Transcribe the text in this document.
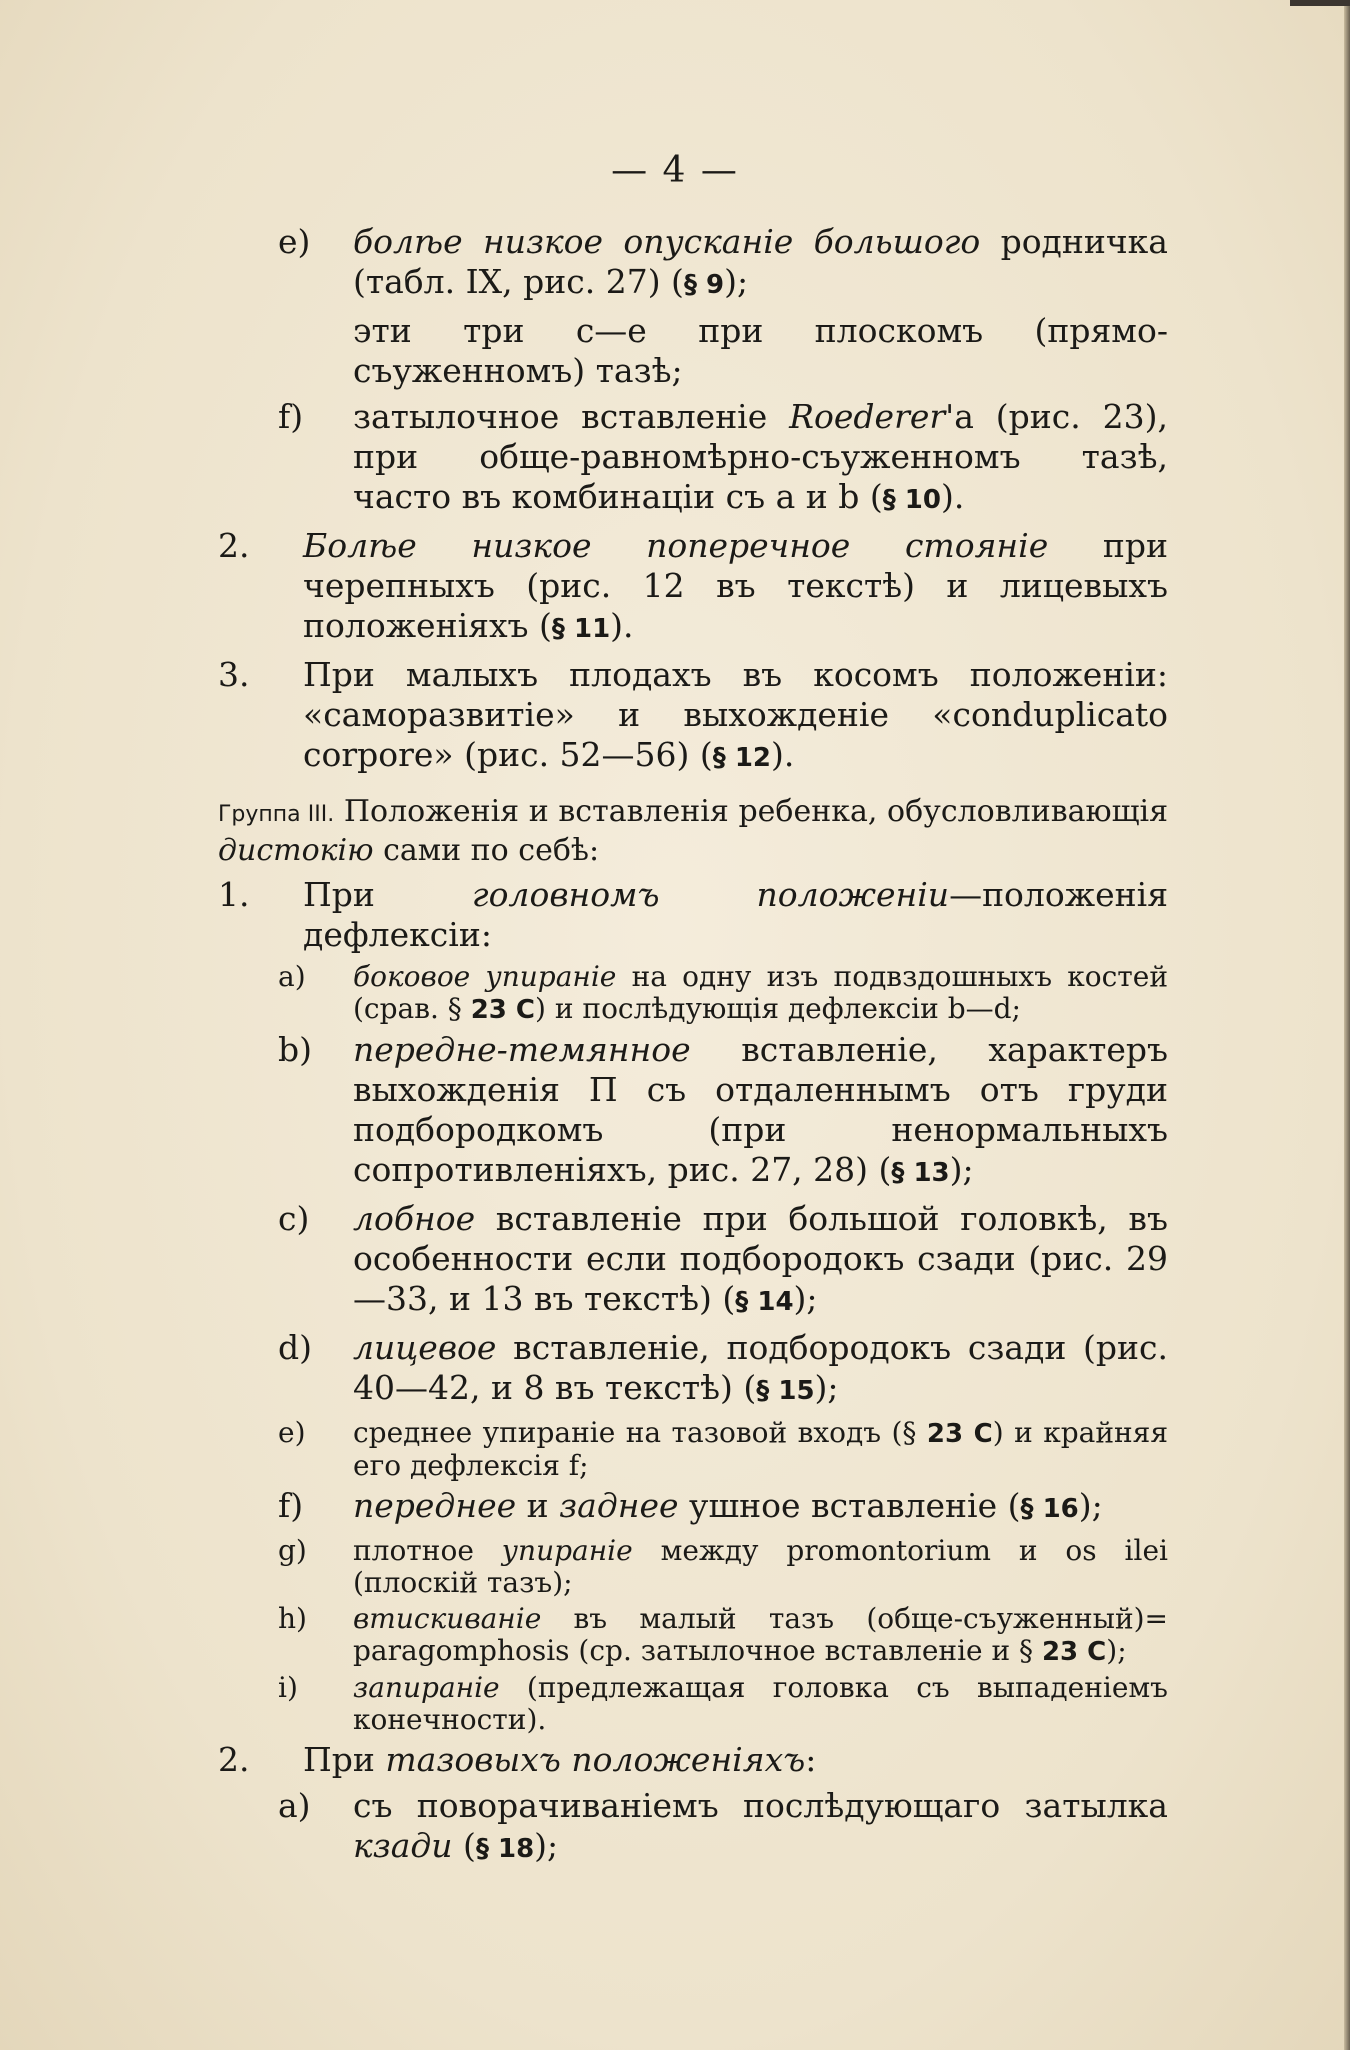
— 4 —
e)	болѣе низкое опусканіе большого родничка (табл. IX, рис. 27) (§ 9);
эти три с—е при плоскомъ (прямо-съуженномъ) тазѣ;
f)	затылочное вставленіе Roederer'а (рис. 23), при обще-равномѣрно-съуженномъ тазѣ, часто въ комбинаціи съ a и b (§ 10).
2.	Болѣе низкое поперечное стояніе при черепныхъ (рис. 12 въ текстѣ) и лицевыхъ положеніяхъ (§ 11).
3.	При малыхъ плодахъ въ косомъ положеніи: «саморазвитіе» и выхожденіе «conduplicato corpore» (рис. 52—56) (§ 12).
Группа III. Положенія и вставленія ребенка, обусловливающія дистокію сами по себѣ:
1.	При головномъ положеніи—положенія дефлексіи:
a)	боковое упираніе на одну изъ подвздошныхъ костей (срав. § 23 C) и послѣдующія дефлексіи b—d;
b)	передне-темянное вставленіе, характеръ выхожденія П съ отдаленнымъ отъ груди подбородкомъ (при ненормальныхъ сопротивленіяхъ, рис. 27, 28) (§ 13);
c)	лобное вставленіе при большой головкѣ, въ особенности если подбородокъ сзади (рис. 29—33, и 13 въ текстѣ) (§ 14);
d)	лицевое вставленіе, подбородокъ сзади (рис. 40—42, и 8 въ текстѣ) (§ 15);
e)	среднее упираніе на тазовой входъ (§ 23 C) и крайняя его дефлексія f;
f)	переднее и заднее ушное вставленіе (§ 16);
g)	плотное упираніе между promontorium и os ilei (плоскій тазъ);
h)	втискиваніе въ малый тазъ (обще-съуженный)= paragomphosis (ср. затылочное вставленіе и § 23 C);
i)	запираніе (предлежащая головка съ выпаденіемъ конечности).
2.	При тазовыхъ положеніяхъ:
a)	съ поворачиваніемъ послѣдующаго затылка кзади (§ 18);
